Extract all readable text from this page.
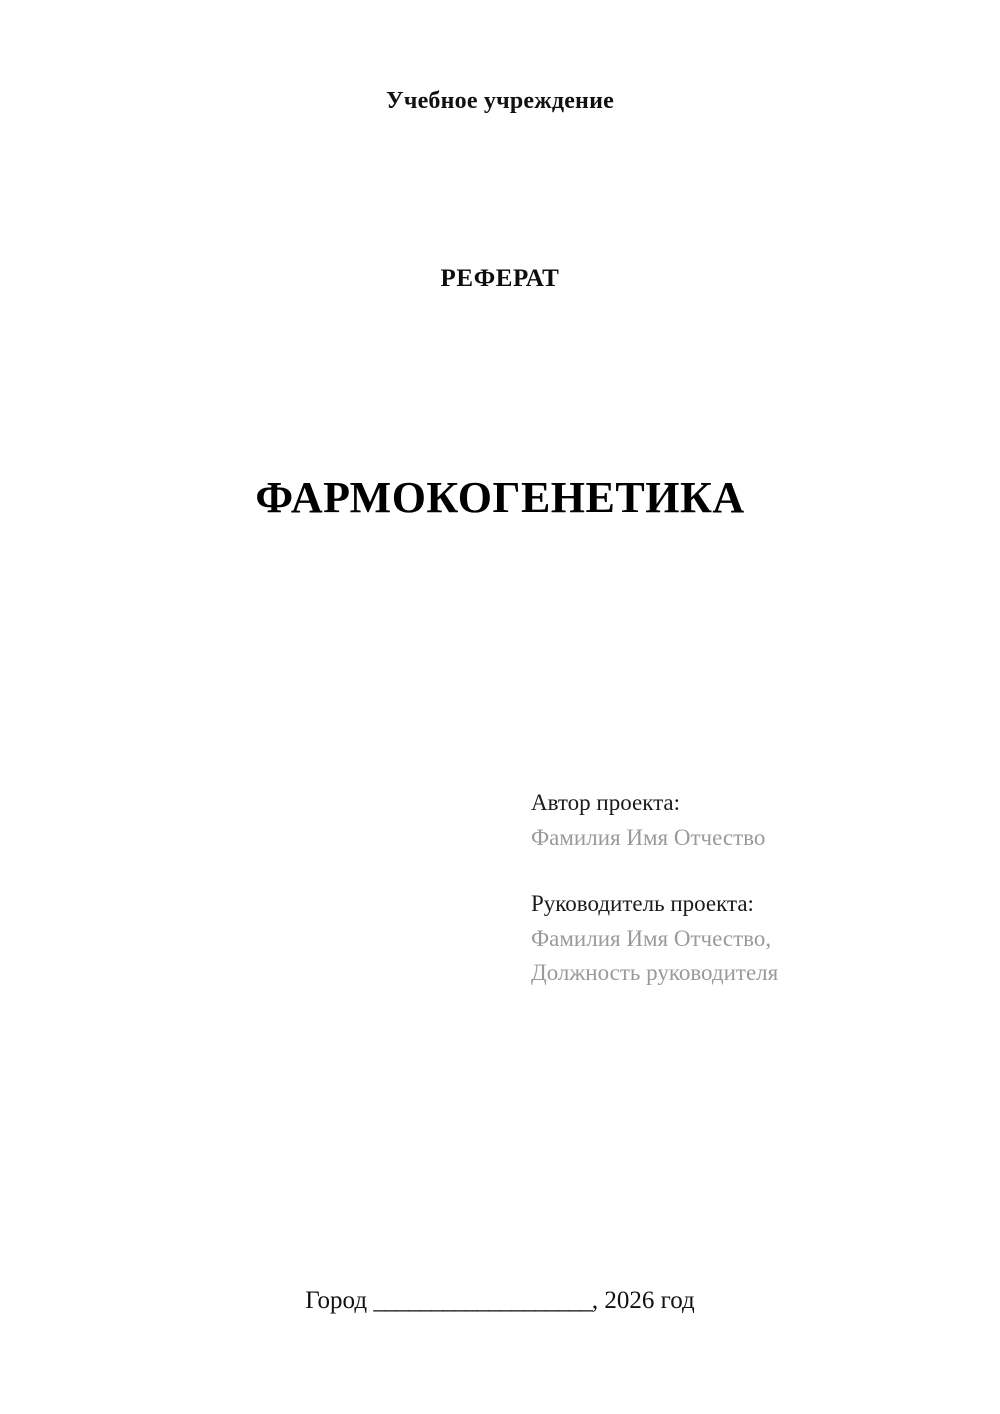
Учебное учреждение
РЕФЕРАТ
ФАРМОКОГЕНЕТИКА

Автор проекта:

Фамилия Имя Отчество

Руководитель проекта:

Фамилия Имя Отчество,

Должность руководителя

Город ___________________, 2026 год
